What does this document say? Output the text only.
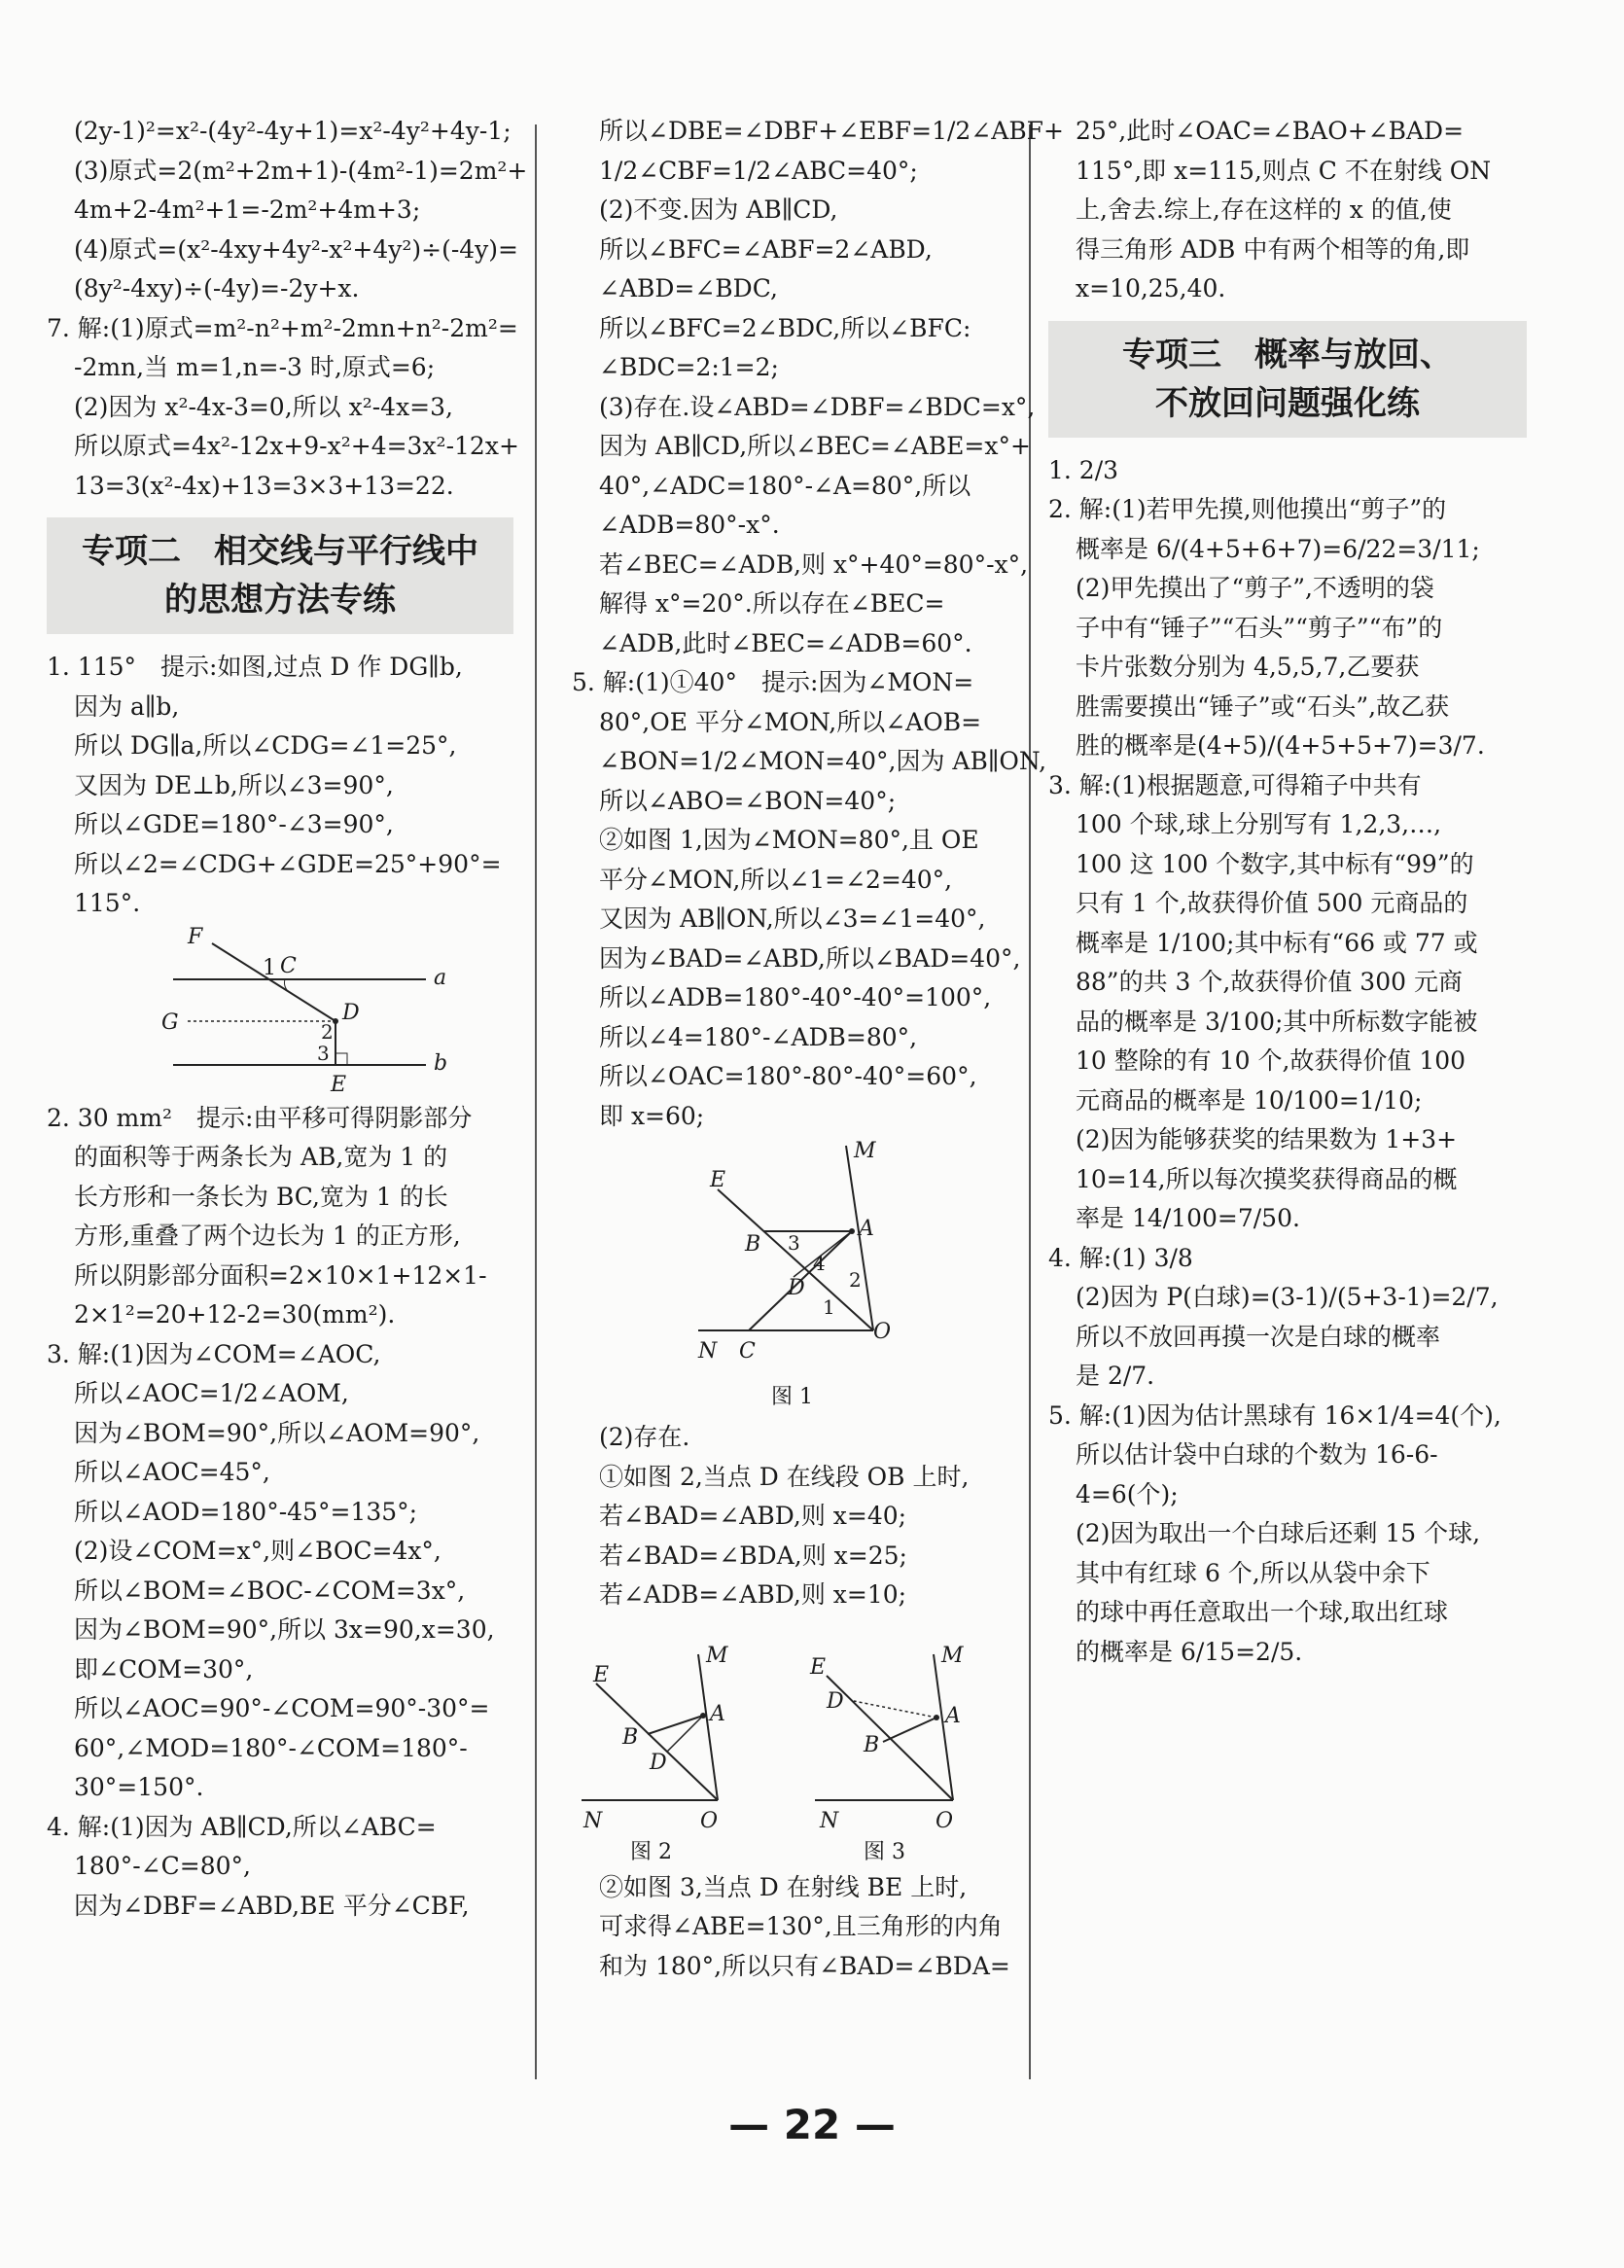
(2y-1)²=x²-(4y²-4y+1)=x²-4y²+4y-1;
(3)原式=2(m²+2m+1)-(4m²-1)=2m²+
4m+2-4m²+1=-2m²+4m+3;
(4)原式=(x²-4xy+4y²-x²+4y²)÷(-4y)=
(8y²-4xy)÷(-4y)=-2y+x.
7. 解:(1)原式=m²-n²+m²-2mn+n²-2m²=
-2mn,当 m=1,n=-3 时,原式=6;
(2)因为 x²-4x-3=0,所以 x²-4x=3,
所以原式=4x²-12x+9-x²+4=3x²-12x+
13=3(x²-4x)+13=3×3+13=22.
专项二　相交线与平行线中
的思想方法专练
1. 115°　提示:如图,过点 D 作 DG∥b,
因为 a∥b,
所以 DG∥a,所以∠CDG=∠1=25°,
又因为 DE⊥b,所以∠3=90°,
所以∠GDE=180°-∠3=90°,
所以∠2=∠CDG+∠GDE=25°+90°=
115°.
F
1 C	a
G	D
2
3	b
E
2. 30 mm²　提示:由平移可得阴影部分
的面积等于两条长为 AB,宽为 1 的
长方形和一条长为 BC,宽为 1 的长
方形,重叠了两个边长为 1 的正方形,
所以阴影部分面积=2×10×1+12×1-
2×1²=20+12-2=30(mm²).
3. 解:(1)因为∠COM=∠AOC,
所以∠AOC=1/2∠AOM,
因为∠BOM=90°,所以∠AOM=90°,
所以∠AOC=45°,
所以∠AOD=180°-45°=135°;
(2)设∠COM=x°,则∠BOC=4x°,
所以∠BOM=∠BOC-∠COM=3x°,
因为∠BOM=90°,所以 3x=90,x=30,
即∠COM=30°,
所以∠AOC=90°-∠COM=90°-30°=
60°,∠MOD=180°-∠COM=180°-
30°=150°.
4. 解:(1)因为 AB∥CD,所以∠ABC=
180°-∠C=80°,
因为∠DBF=∠ABD,BE 平分∠CBF,
所以∠DBE=∠DBF+∠EBF=1/2∠ABF+
1/2∠CBF=1/2∠ABC=40°;
(2)不变.因为 AB∥CD,
所以∠BFC=∠ABF=2∠ABD,
∠ABD=∠BDC,
所以∠BFC=2∠BDC,所以∠BFC:
∠BDC=2:1=2;
(3)存在.设∠ABD=∠DBF=∠BDC=x°,
因为 AB∥CD,所以∠BEC=∠ABE=x°+
40°,∠ADC=180°-∠A=80°,所以
∠ADB=80°-x°.
若∠BEC=∠ADB,则 x°+40°=80°-x°,
解得 x°=20°.所以存在∠BEC=
∠ADB,此时∠BEC=∠ADB=60°.
5. 解:(1)①40°　提示:因为∠MON=
80°,OE 平分∠MON,所以∠AOB=
∠BON=1/2∠MON=40°,因为 AB∥ON,
所以∠ABO=∠BON=40°;
②如图 1,因为∠MON=80°,且 OE
平分∠MON,所以∠1=∠2=40°,
又因为 AB∥ON,所以∠3=∠1=40°,
因为∠BAD=∠ABD,所以∠BAD=40°,
所以∠ADB=180°-40°-40°=100°,
所以∠4=180°-∠ADB=80°,
所以∠OAC=180°-80°-40°=60°,
即 x=60;
M
E
A
B 3
4
2
D
1
N C
O
图 1
(2)存在.
①如图 2,当点 D 在线段 OB 上时,
若∠BAD=∠ABD,则 x=40;
若∠BAD=∠BDA,则 x=25;
若∠ADB=∠ABD,则 x=10;
M
E
A
B
D
N	O
图 2
M
E
D
A
B
N	O
图 3
②如图 3,当点 D 在射线 BE 上时,
可求得∠ABE=130°,且三角形的内角
和为 180°,所以只有∠BAD=∠BDA=
25°,此时∠OAC=∠BAO+∠BAD=
115°,即 x=115,则点 C 不在射线 ON
上,舍去.综上,存在这样的 x 的值,使
得三角形 ADB 中有两个相等的角,即
x=10,25,40.
专项三　概率与放回、
不放回问题强化练
1. 2/3
2. 解:(1)若甲先摸,则他摸出“剪子”的
概率是 6/(4+5+6+7)=6/22=3/11;
(2)甲先摸出了“剪子”,不透明的袋
子中有“锤子”“石头”“剪子”“布”的
卡片张数分别为 4,5,5,7,乙要获
胜需要摸出“锤子”或“石头”,故乙获
胜的概率是(4+5)/(4+5+5+7)=3/7.
3. 解:(1)根据题意,可得箱子中共有
100 个球,球上分别写有 1,2,3,…,
100 这 100 个数字,其中标有“99”的
只有 1 个,故获得价值 500 元商品的
概率是 1/100;其中标有“66 或 77 或
88”的共 3 个,故获得价值 300 元商
品的概率是 3/100;其中所标数字能被
10 整除的有 10 个,故获得价值 100
元商品的概率是 10/100=1/10;
(2)因为能够获奖的结果数为 1+3+
10=14,所以每次摸奖获得商品的概
率是 14/100=7/50.
4. 解:(1) 3/8
(2)因为 P(白球)=(3-1)/(5+3-1)=2/7,
所以不放回再摸一次是白球的概率
是 2/7.
5. 解:(1)因为估计黑球有 16×1/4=4(个),
所以估计袋中白球的个数为 16-6-
4=6(个);
(2)因为取出一个白球后还剩 15 个球,
其中有红球 6 个,所以从袋中余下
的球中再任意取出一个球,取出红球
的概率是 6/15=2/5.
— 22 —
